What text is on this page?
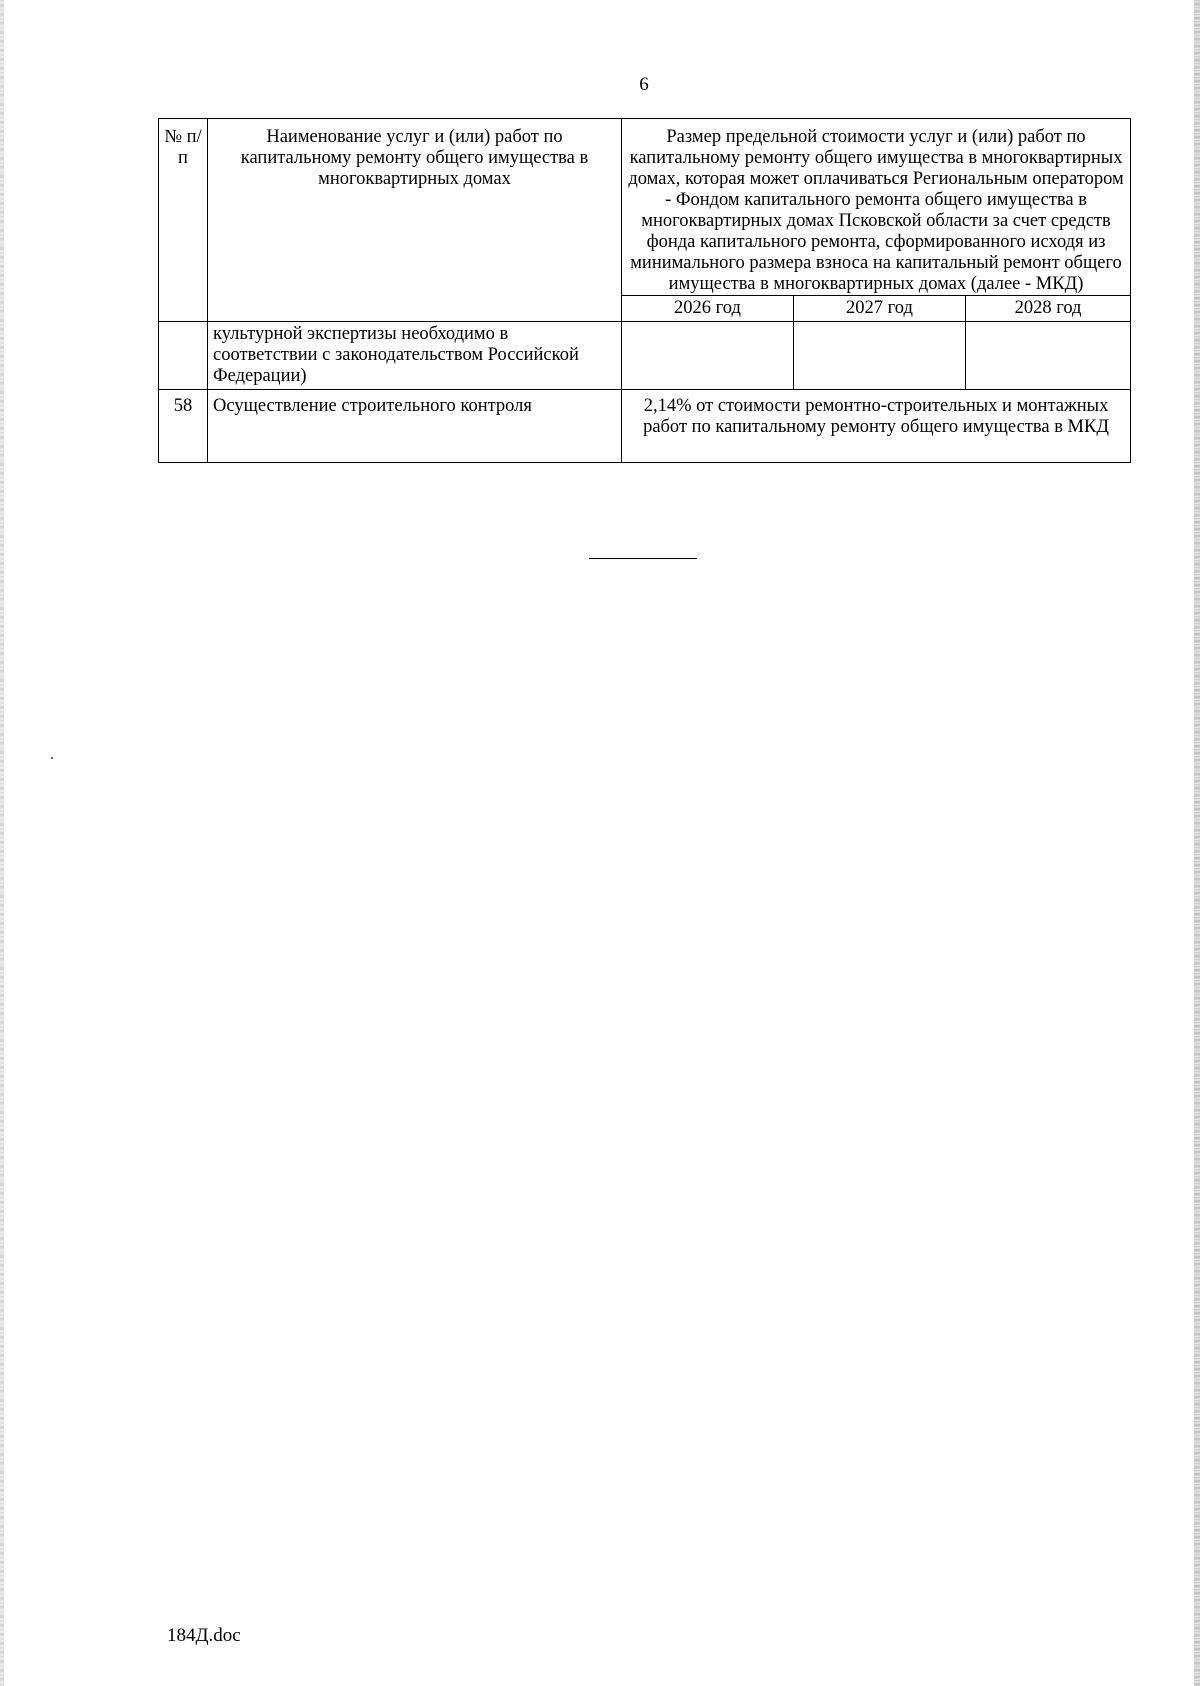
6
№ п/п	Наименование услуг и (или) работ по капитальному ремонту общего имущества в многоквартирных домах	Размер предельной стоимости услуг и (или) работ по капитальному ремонту общего имущества в многоквартирных домах, которая может оплачиваться Региональным оператором - Фондом капитального ремонта общего имущества в многоквартирных домах Псковской области за счет средств фонда капитального ремонта, сформированного исходя из минимального размера взноса на капитальный ремонт общего имущества в многоквартирных домах (далее - МКД)		
		2026 год	2027 год	2028 год
	культурной экспертизы необходимо в соответствии с законодательством Российской Федерации)			
58	Осуществление строительного контроля	2,14% от стоимости ремонтно-строительных и монтажных работ по капитальному ремонту общего имущества в МКД		
184Д.doc
